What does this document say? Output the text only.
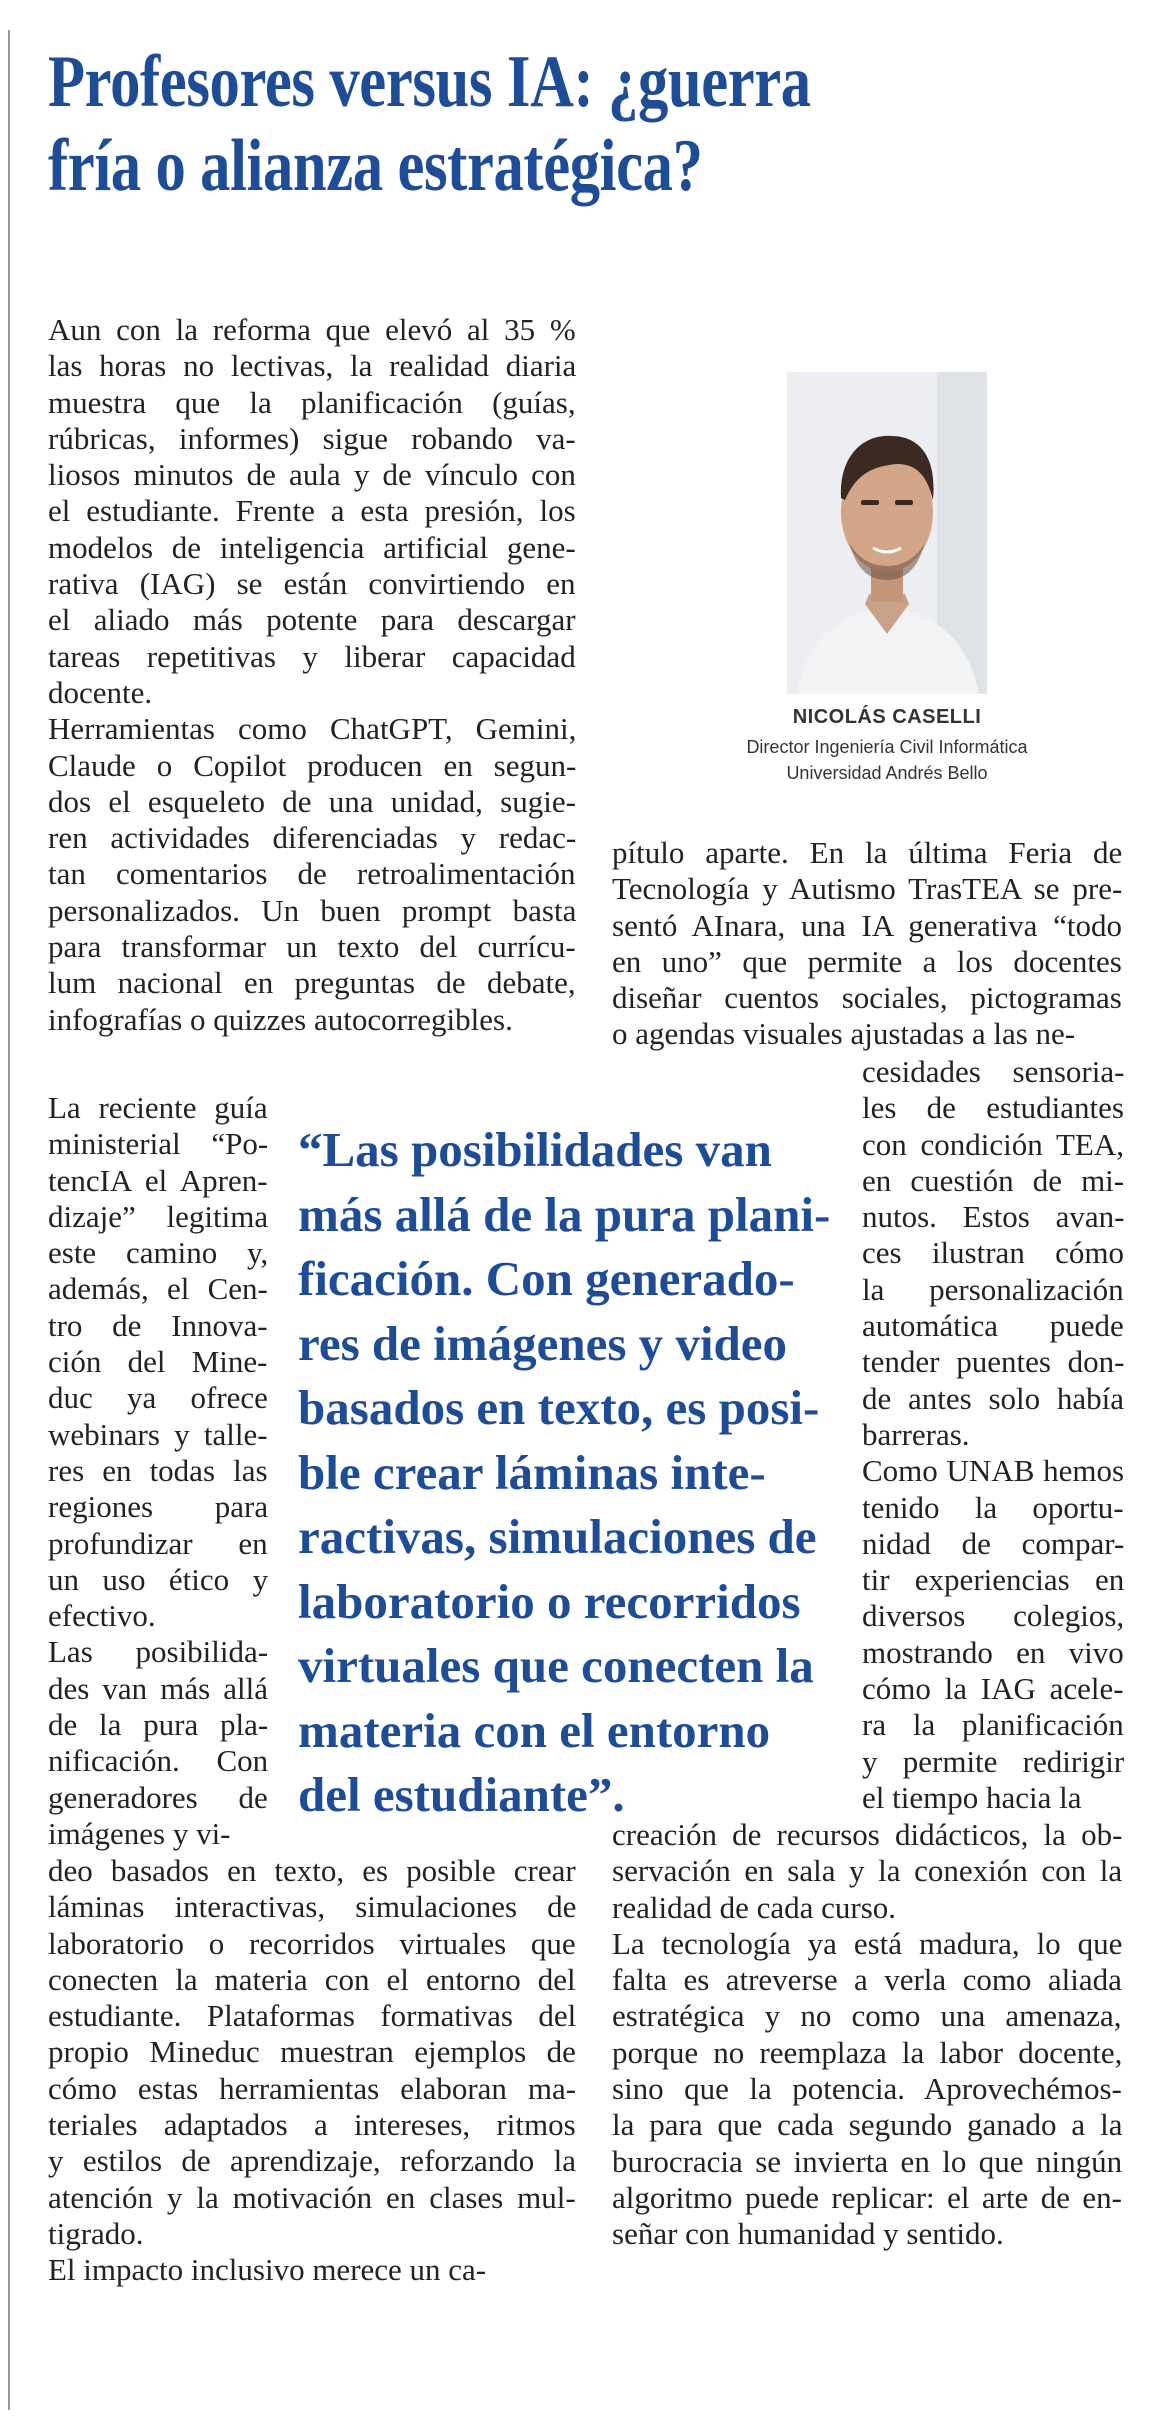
Profesores versus IA: ¿guerra
fría o alianza estratégica?
NICOLÁS CASELLI
Director Ingeniería Civil Informática
Universidad Andrés Bello
Aun con la reforma que elevó al 35 %
las horas no lectivas, la realidad diaria
muestra que la planificación (guías,
rúbricas, informes) sigue robando va-
liosos minutos de aula y de vínculo con
el estudiante. Frente a esta presión, los
modelos de inteligencia artificial gene-
rativa (IAG) se están convirtiendo en
el aliado más potente para descargar
tareas repetitivas y liberar capacidad
docente.
Herramientas como ChatGPT, Gemini,
Claude o Copilot producen en segun-
dos el esqueleto de una unidad, sugie-
ren actividades diferenciadas y redac-
tan comentarios de retroalimentación
personalizados. Un buen prompt basta
para transformar un texto del currícu-
lum nacional en preguntas de debate,
infografías o quizzes autocorregibles.
La reciente guía
ministerial “Po-
tencIA el Apren-
dizaje” legitima
este camino y,
además, el Cen-
tro de Innova-
ción del Mine-
duc ya ofrece
webinars y talle-
res en todas las
regiones para
profundizar en
un uso ético y
efectivo.
Las posibilida-
des van más allá
de la pura pla-
nificación. Con
generadores de
imágenes y vi-
deo basados en texto, es posible crear
láminas interactivas, simulaciones de
laboratorio o recorridos virtuales que
conecten la materia con el entorno del
estudiante. Plataformas formativas del
propio Mineduc muestran ejemplos de
cómo estas herramientas elaboran ma-
teriales adaptados a intereses, ritmos
y estilos de aprendizaje, reforzando la
atención y la motivación en clases mul-
tigrado.
El impacto inclusivo merece un ca-
pítulo aparte. En la última Feria de
Tecnología y Autismo TrasTEA se pre-
sentó AInara, una IA generativa “todo
en uno” que permite a los docentes
diseñar cuentos sociales, pictogramas
o agendas visuales ajustadas a las ne-
cesidades sensoria-
les de estudiantes
con condición TEA,
en cuestión de mi-
nutos. Estos avan-
ces ilustran cómo
la personalización
automática puede
tender puentes don-
de antes solo había
barreras.
Como UNAB hemos
tenido la oportu-
nidad de compar-
tir experiencias en
diversos colegios,
mostrando en vivo
cómo la IAG acele-
ra la planificación
y permite redirigir
el tiempo hacia la
creación de recursos didácticos, la ob-
servación en sala y la conexión con la
realidad de cada curso.
La tecnología ya está madura, lo que
falta es atreverse a verla como aliada
estratégica y no como una amenaza,
porque no reemplaza la labor docente,
sino que la potencia. Aprovechémos-
la para que cada segundo ganado a la
burocracia se invierta en lo que ningún
algoritmo puede replicar: el arte de en-
señar con humanidad y sentido.
“Las posibilidades van
más allá de la pura plani-
ficación. Con generado-
res de imágenes y video
basados en texto, es posi-
ble crear láminas inte-
ractivas, simulaciones de
laboratorio o recorridos
virtuales que conecten la
materia con el entorno
del estudiante”.
